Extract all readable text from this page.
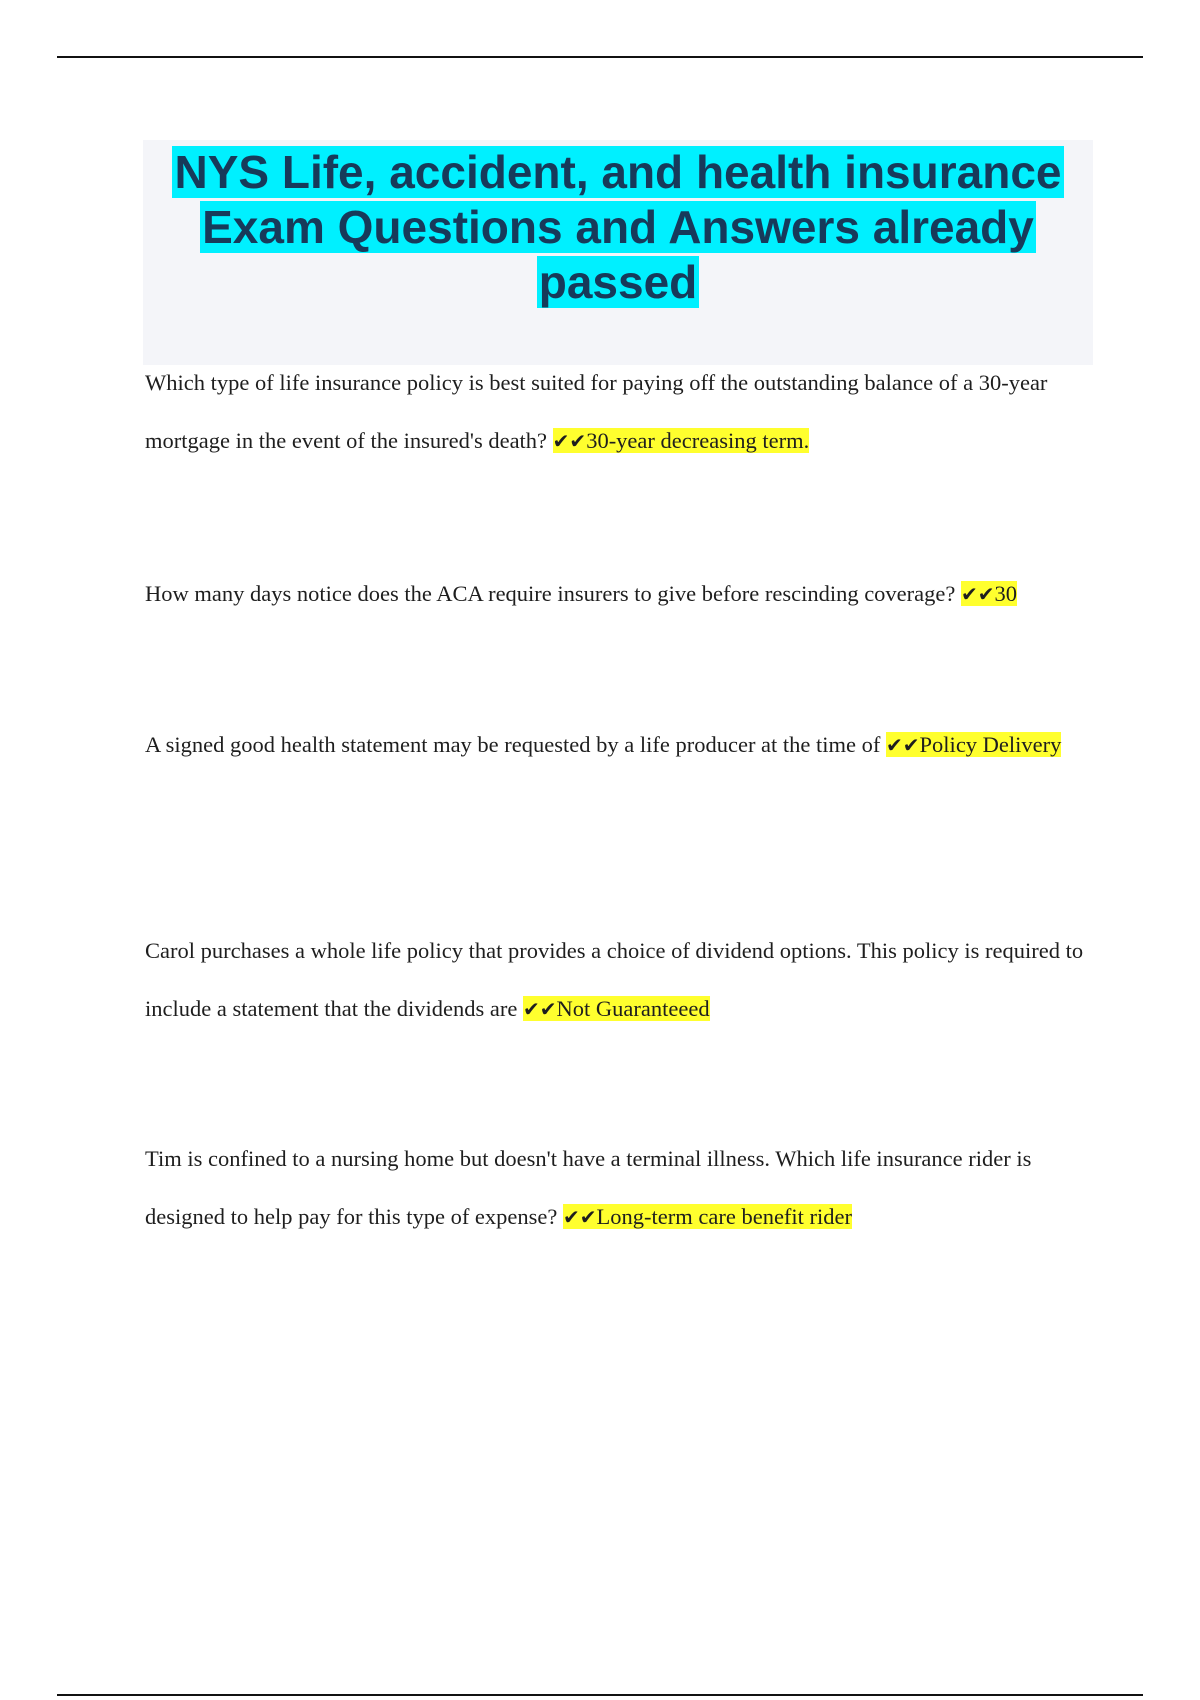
NYS Life, accident, and health insurance
Exam Questions and Answers already
passed

Which type of life insurance policy is best suited for paying off the outstanding balance of a 30-year mortgage in the event of the insured's death? ✔✔30-year decreasing term.

How many days notice does the ACA require insurers to give before rescinding coverage? ✔✔30

A signed good health statement may be requested by a life producer at the time of ✔✔Policy Delivery

Carol purchases a whole life policy that provides a choice of dividend options. This policy is required to include a statement that the dividends are ✔✔Not Guaranteeed

Tim is confined to a nursing home but doesn't have a terminal illness. Which life insurance rider is designed to help pay for this type of expense? ✔✔Long-term care benefit rider
